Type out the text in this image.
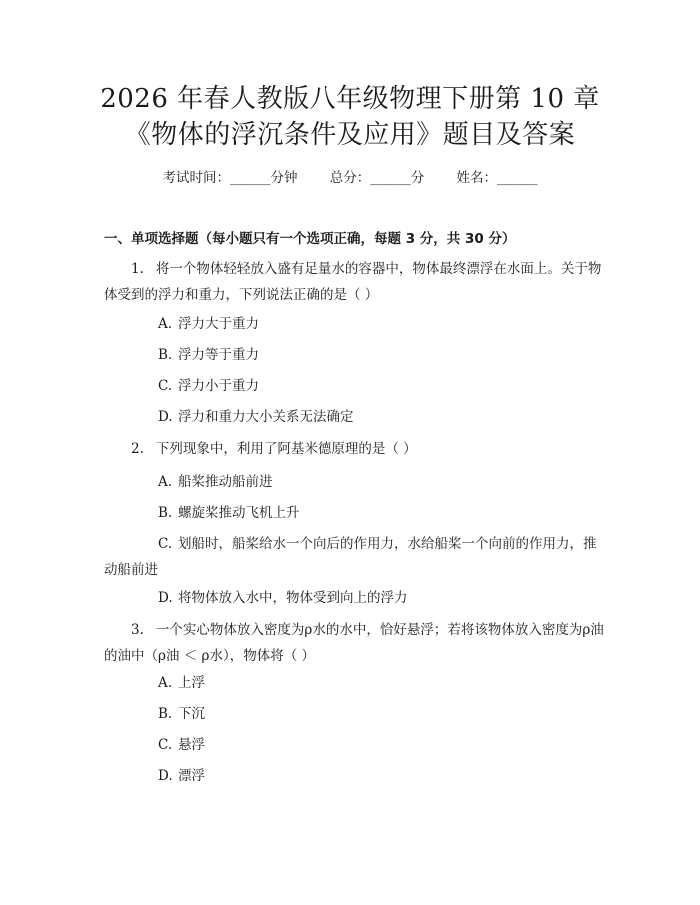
2026 年春人教版八年级物理下册第 10 章
《物体的浮沉条件及应用》题目及答案
考试时间：______分钟 总分：______分 姓名：______
一、单项选择题（每小题只有一个选项正确，每题 3 分，共 30 分）
1. 将一个物体轻轻放入盛有足量水的容器中，物体最终漂浮在水面上。关于物体受到的浮力和重力，下列说法正确的是（ ）
A. 浮力大于重力
B. 浮力等于重力
C. 浮力小于重力
D. 浮力和重力大小关系无法确定
2. 下列现象中，利用了阿基米德原理的是（ ）
A. 船桨推动船前进
B. 螺旋桨推动飞机上升
C. 划船时，船桨给水一个向后的作用力，水给船桨一个向前的作用力，推动船前进
D. 将物体放入水中，物体受到向上的浮力
3. 一个实心物体放入密度为ρ水的水中，恰好悬浮；若将该物体放入密度为ρ油的油中（ρ油 ＜ ρ水），物体将（ ）
A. 上浮
B. 下沉
C. 悬浮
D. 漂浮
